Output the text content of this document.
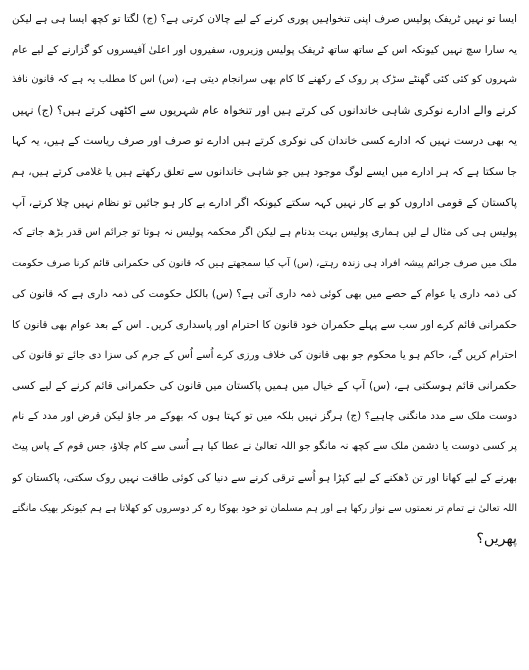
ایسا تو نہیں ٹریفک پولیس صرف اپنی تنخواہیں پوری کرنے کے لیے چالان کرتی ہے؟ (ج) لگتا تو کچھ ایسا ہی ہے لیکن
یہ سارا سچ نہیں کیونکہ اس کے ساتھ ساتھ ٹریفک پولیس وزیروں، سفیروں اور اعلیٰ آفیسروں کو گزارنے کے لیے عام
شہروں کو کئی کئی گھنٹے سڑک پر روک کے رکھنے کا کام بھی سرانجام دیتی ہے، (س) اس کا مطلب یہ ہے کہ قانون نافذ
کرنے والے ادارے نوکری شاہی خاندانوں کی کرتے ہیں اور تنخواہ عام شہریوں سے اکٹھی کرتے ہیں؟ (ج) نہیں
یہ بھی درست نہیں کہ ادارے کسی خاندان کی نوکری کرتے ہیں ادارے تو صرف اور صرف ریاست کے ہیں، یہ کہا
جا سکتا ہے کہ ہر ادارے میں ایسے لوگ موجود ہیں جو شاہی خاندانوں سے تعلق رکھتے ہیں یا غلامی کرتے ہیں، ہم
پاکستان کے قومی اداروں کو بے کار نہیں کہہ سکتے کیونکہ اگر ادارے بے کار ہو جائیں تو نظام نہیں چلا کرتے، آپ
پولیس ہی کی مثال لے لیں ہماری پولیس بہت بدنام ہے لیکن اگر محکمہ پولیس نہ ہوتا تو جرائم اس قدر بڑھ جاتے کہ
ملک میں صرف جرائم پیشہ افراد ہی زندہ رہتے، (س) آپ کیا سمجھتے ہیں کہ قانون کی حکمرانی قائم کرنا صرف حکومت
کی ذمہ داری یا عوام کے حصے میں بھی کوئی ذمہ داری آتی ہے؟ (س) بالکل حکومت کی ذمہ داری ہے کہ قانون کی
حکمرانی قائم کرے اور سب سے پہلے حکمران خود قانون کا احترام اور پاسداری کریں۔ اس کے بعد عوام بھی قانون کا
احترام کریں گے، حاکم ہو یا محکوم جو بھی قانون کی خلاف ورزی کرے اُسے اُس کے جرم کی سزا دی جائے تو قانون کی
حکمرانی قائم ہوسکتی ہے، (س) آپ کے خیال میں ہمیں پاکستان میں قانون کی حکمرانی قائم کرنے کے لیے کسی
دوست ملک سے مدد مانگنی چاہیے؟ (ج) ہرگز نہیں بلکہ میں تو کہتا ہوں کہ بھوکے مر جاؤ لیکن قرض اور مدد کے نام
پر کسی دوست یا دشمن ملک سے کچھ نہ مانگو جو اللہ تعالیٰ نے عطا کیا ہے اُسی سے کام چلاؤ، جس قوم کے پاس پیٹ
بھرنے کے لیے کھانا اور تن ڈھکنے کے لیے کپڑا ہو اُسے ترقی کرنے سے دنیا کی کوئی طاقت نہیں روک سکتی، پاکستان کو
اللہ تعالیٰ نے تمام تر نعمتوں سے نواز رکھا ہے اور ہم مسلمان تو خود بھوکا رہ کر دوسروں کو کھلاتا ہے ہم کیونکر بھیک مانگتے
پھریں؟
